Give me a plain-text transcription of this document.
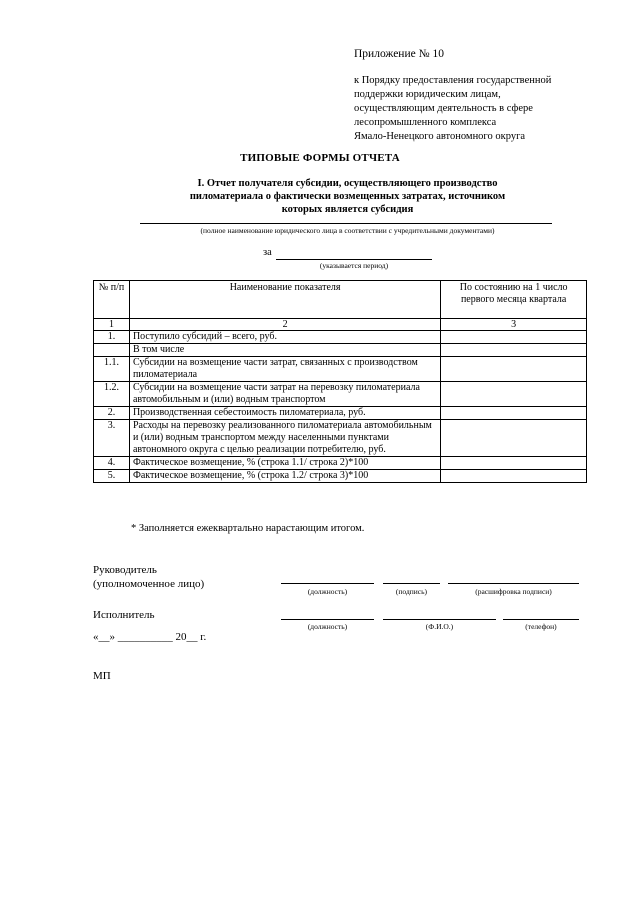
Приложение № 10
к Порядку предоставления государственной
поддержки юридическим лицам,
осуществляющим деятельность в сфере
лесопромышленного комплекса
Ямало-Ненецкого автономного округа
ТИПОВЫЕ ФОРМЫ ОТЧЕТА
I. Отчет получателя субсидии, осуществляющего производство
пиломатериала о фактически возмещенных затратах, источником
которых является субсидия
(полное наименование юридического лица в соответствии с учредительными документами)
за
(указывается период)
№ п/п	Наименование показателя	По состоянию на 1 число первого месяца квартала
1	2	3
1.	Поступило субсидий – всего, руб.	
	В том числе	
1.1.	Субсидии на возмещение части затрат, связанных с производством пиломатериала	
1.2.	Субсидии на возмещение части затрат на перевозку пиломатериала автомобильным и (или) водным транспортом	
2.	Производственная себестоимость пиломатериала, руб.	
3.	Расходы на перевозку реализованного пиломатериала автомобильным и (или) водным транспортом между населенными пунктами автономного округа с целью реализации потребителю, руб.	
4.	Фактическое возмещение, % (строка 1.1/ строка 2)*100	
5.	Фактическое возмещение, % (строка 1.2/ строка 3)*100	
* Заполняется ежеквартально нарастающим итогом.
Руководитель
(уполномоченное лицо)
(должность)	(подпись)	(расшифровка подписи)
Исполнитель
(должность)	(Ф.И.О.)	(телефон)
«__» __________ 20__ г.
МП
